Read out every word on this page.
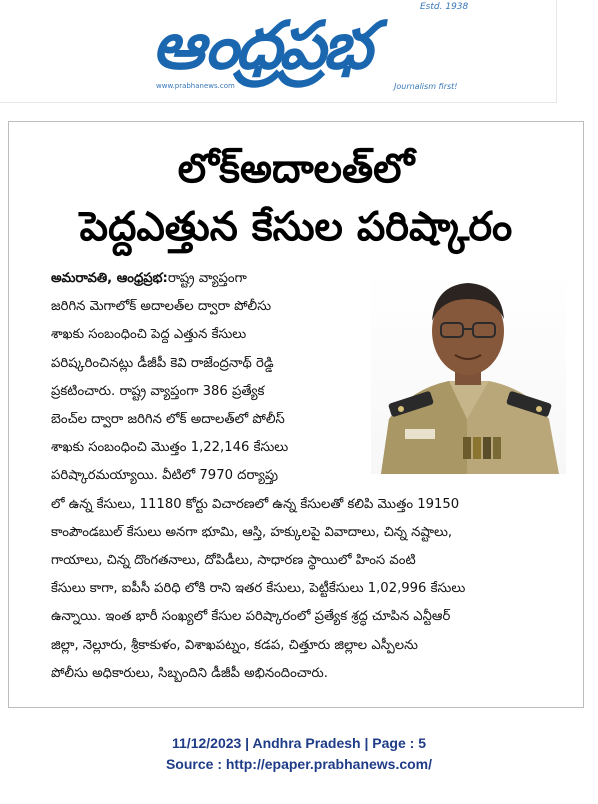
ఆంధ్రప్రభ	Estd. 1938
www.prabhanews.com	Journalism first!
లోక్‌అదాలత్‌లో
పెద్దఎత్తున కేసుల పరిష్కారం
అమరావతి, ఆంధ్రప్రభ:రాష్ట్ర వ్యాప్తంగా
జరిగిన మెగాలోక్ అదాలత్‌ల ద్వారా పోలీసు
శాఖకు సంబంధించి పెద్ద ఎత్తున కేసులు
పరిష్కరించినట్లు డీజీపీ కెవి రాజేంద్రనాథ్ రెడ్డి
ప్రకటించారు. రాష్ట్ర వ్యాప్తంగా 386 ప్రత్యేక
బెంచ్‌ల ద్వారా జరిగిన లోక్ అదాలత్‌లో పోలీస్
శాఖకు సంబంధించి మొత్తం 1,22,146 కేసులు
పరిష్కారమయ్యాయి. వీటిలో 7970 దర్యాప్తు
లో ఉన్న కేసులు, 11180 కోర్టు విచారణలో ఉన్న కేసులతో కలిపి మొత్తం 19150
కాంపౌండబుల్ కేసులు అనగా భూమి, ఆస్తి, హక్కులపై వివాదాలు, చిన్న నష్టాలు,
గాయాలు, చిన్న దొంగతనాలు, దోపిడీలు, సాధారణ స్థాయిలో హింస వంటి
కేసులు కాగా, ఐపీసీ పరిధి లోకి రాని ఇతర కేసులు, పెట్టీకేసులు 1,02,996 కేసులు
ఉన్నాయి. ఇంత భారీ సంఖ్యలో కేసుల పరిష్కారంలో ప్రత్యేక శ్రద్ధ చూపిన ఎన్టీఆర్
జిల్లా, నెల్లూరు, శ్రీకాకుళం, విశాఖపట్నం, కడప, చిత్తూరు జిల్లాల ఎస్పీలను
పోలీసు అధికారులు, సిబ్బందిని డీజీపీ అభినందించారు.
11/12/2023 | Andhra Pradesh | Page : 5
Source : http://epaper.prabhanews.com/
